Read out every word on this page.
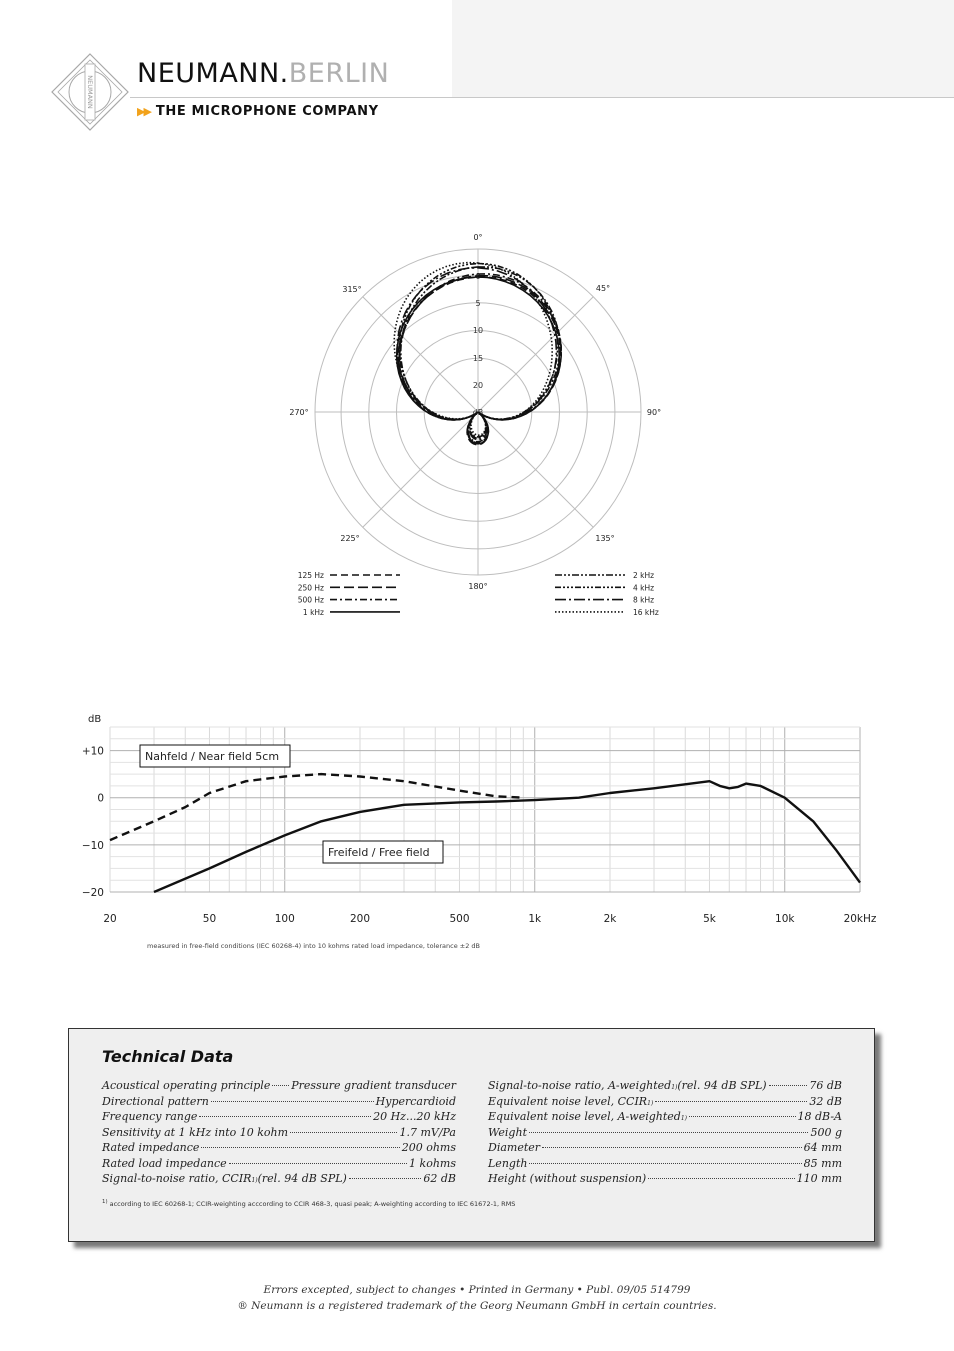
NEUMANN
NEUMANN.BERLIN
▶▶ THE MICROPHONE COMPANY
0°
45°
90°
135°
180°
225°
270°
315°
0
5
10
15
20
dB
125 Hz
250 Hz
500 Hz
1 kHz
2 kHz
4 kHz
8 kHz
16 kHz
dB
+10
0
−10
−20
20	50	100	200	500	1k	2k	5k	10k	20kHz
Nahfeld / Near field 5cm
Freifeld / Free field
measured in free-field conditions (IEC 60268-4) into 10 kohms rated load impedance, tolerance ±2 dB
Technical Data
Acoustical operating principle Pressure gradient transducer
Directional pattern	Hypercardioid
Frequency range	20 Hz...20 kHz
Sensitivity at 1 kHz into 10 kohm	1.7 mV/Pa
Rated impedance	200 ohms
Rated load impedance	1 kohms
Signal-to-noise ratio, CCIR 1) (rel. 94 dB SPL)	62 dB
Signal-to-noise ratio, A-weighted 1) (rel. 94 dB SPL)	76 dB
Equivalent noise level, CCIR 1)	32 dB
Equivalent noise level, A-weighted 1)	18 dB-A
Weight	500 g
Diameter	64 mm
Length	85 mm
Height (without suspension)	110 mm
$^{1)}$ according to IEC 60268-1; CCIR-weighting acccording to CCIR 468-3, quasi peak; A-weighting according to IEC 61672-1, RMS
Errors excepted, subject to changes • Printed in Germany • Publ. 09/05 514799
® Neumann is a registered trademark of the Georg Neumann GmbH in certain countries.
